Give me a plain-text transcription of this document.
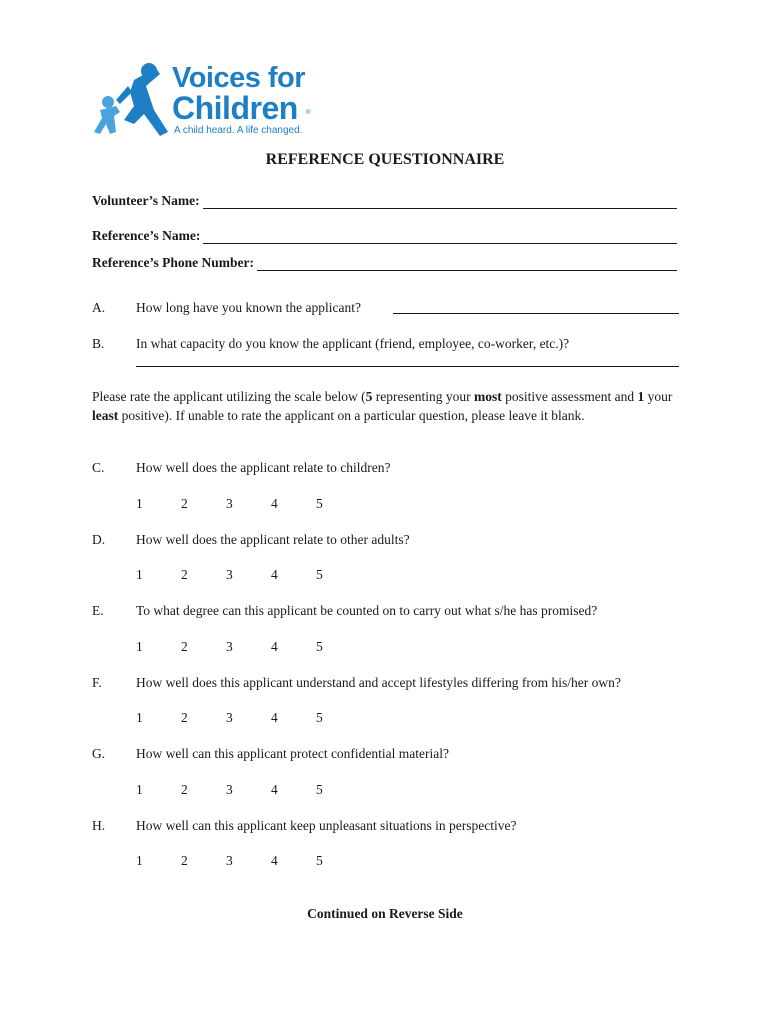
Voices for
Children ®
A child heard. A life changed.
REFERENCE QUESTIONNAIRE
Volunteer’s Name:
Reference’s Name:
Reference’s Phone Number:
A. How long have you known the applicant?
B. In what capacity do you know the applicant (friend, employee, co-worker, etc.)?
Please rate the applicant utilizing the scale below (5 representing your most positive assessment and 1 your least positive). If unable to rate the applicant on a particular question, please leave it blank.
C. How well does the applicant relate to children?
1	2	3	4	5
D. How well does the applicant relate to other adults?
1	2	3	4	5
E. To what degree can this applicant be counted on to carry out what s/he has promised?
1	2	3	4	5
F.	How well does this applicant understand and accept lifestyles differing from his/her own?
1	2	3	4	5
G. How well can this applicant protect confidential material?
1	2	3	4	5
H. How well can this applicant keep unpleasant situations in perspective?
1	2	3	4	5
Continued on Reverse Side
